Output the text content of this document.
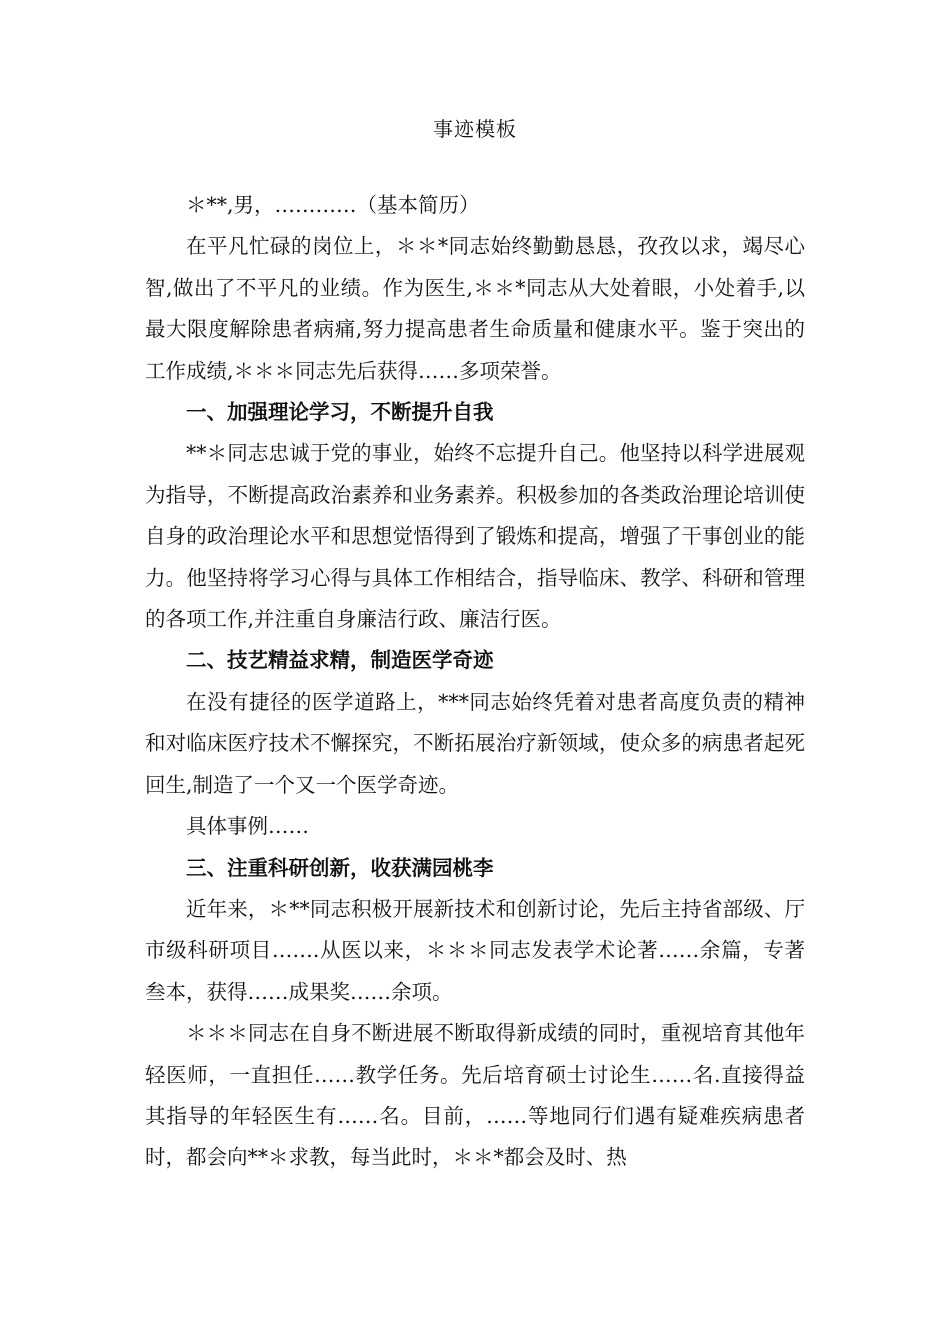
事迹模板

＊**,男，…………（基本简历）

在平凡忙碌的岗位上，＊＊*同志始终勤勤恳恳，孜孜以求，竭尽心智,做出了不平凡的业绩。作为医生,＊＊*同志从大处着眼，小处着手,以最大限度解除患者病痛,努力提高患者生命质量和健康水平。鉴于突出的工作成绩,＊＊＊同志先后获得……多项荣誉。

一、加强理论学习，不断提升自我

**＊同志忠诚于党的事业，始终不忘提升自己。他坚持以科学进展观为指导，不断提高政治素养和业务素养。积极参加的各类政治理论培训使自身的政治理论水平和思想觉悟得到了锻炼和提高，增强了干事创业的能力。他坚持将学习心得与具体工作相结合，指导临床、教学、科研和管理的各项工作,并注重自身廉洁行政、廉洁行医。

二、技艺精益求精，制造医学奇迹

在没有捷径的医学道路上，***同志始终凭着对患者高度负责的精神和对临床医疗技术不懈探究，不断拓展治疗新领域，使众多的病患者起死回生,制造了一个又一个医学奇迹。

具体事例……

三、注重科研创新，收获满园桃李

近年来，＊**同志积极开展新技术和创新讨论，先后主持省部级、厅市级科研项目…….从医以来，＊＊＊同志发表学术论著……余篇，专著叁本，获得……成果奖……余项。

＊＊＊同志在自身不断进展不断取得新成绩的同时，重视培育其他年轻医师，一直担任……教学任务。先后培育硕士讨论生……名.直接得益其指导的年轻医生有……名。目前，……等地同行们遇有疑难疾病患者时，都会向**＊求教，每当此时，＊＊*都会及时、热
